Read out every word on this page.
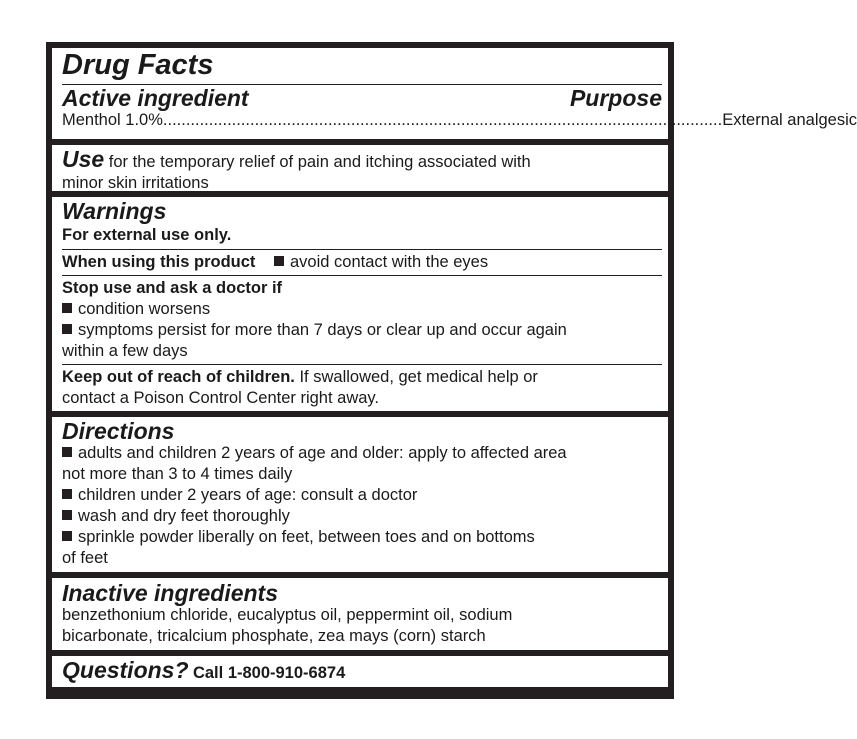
Drug Facts
Active ingredient	Purpose
Menthol 1.0% .......................................................................................................................... External analgesic
Use for the temporary relief of pain and itching associated with
minor skin irritations
Warnings
For external use only.
When using this product avoid contact with the eyes
Stop use and ask a doctor if
condition worsens
symptoms persist for more than 7 days or clear up and occur again
within a few days
Keep out of reach of children. If swallowed, get medical help or
contact a Poison Control Center right away.
Directions
adults and children 2 years of age and older: apply to affected area
not more than 3 to 4 times daily
children under 2 years of age: consult a doctor
wash and dry feet thoroughly
sprinkle powder liberally on feet, between toes and on bottoms
of feet
Inactive ingredients
benzethonium chloride, eucalyptus oil, peppermint oil, sodium
bicarbonate, tricalcium phosphate, zea mays (corn) starch
Questions? Call 1-800-910-6874
